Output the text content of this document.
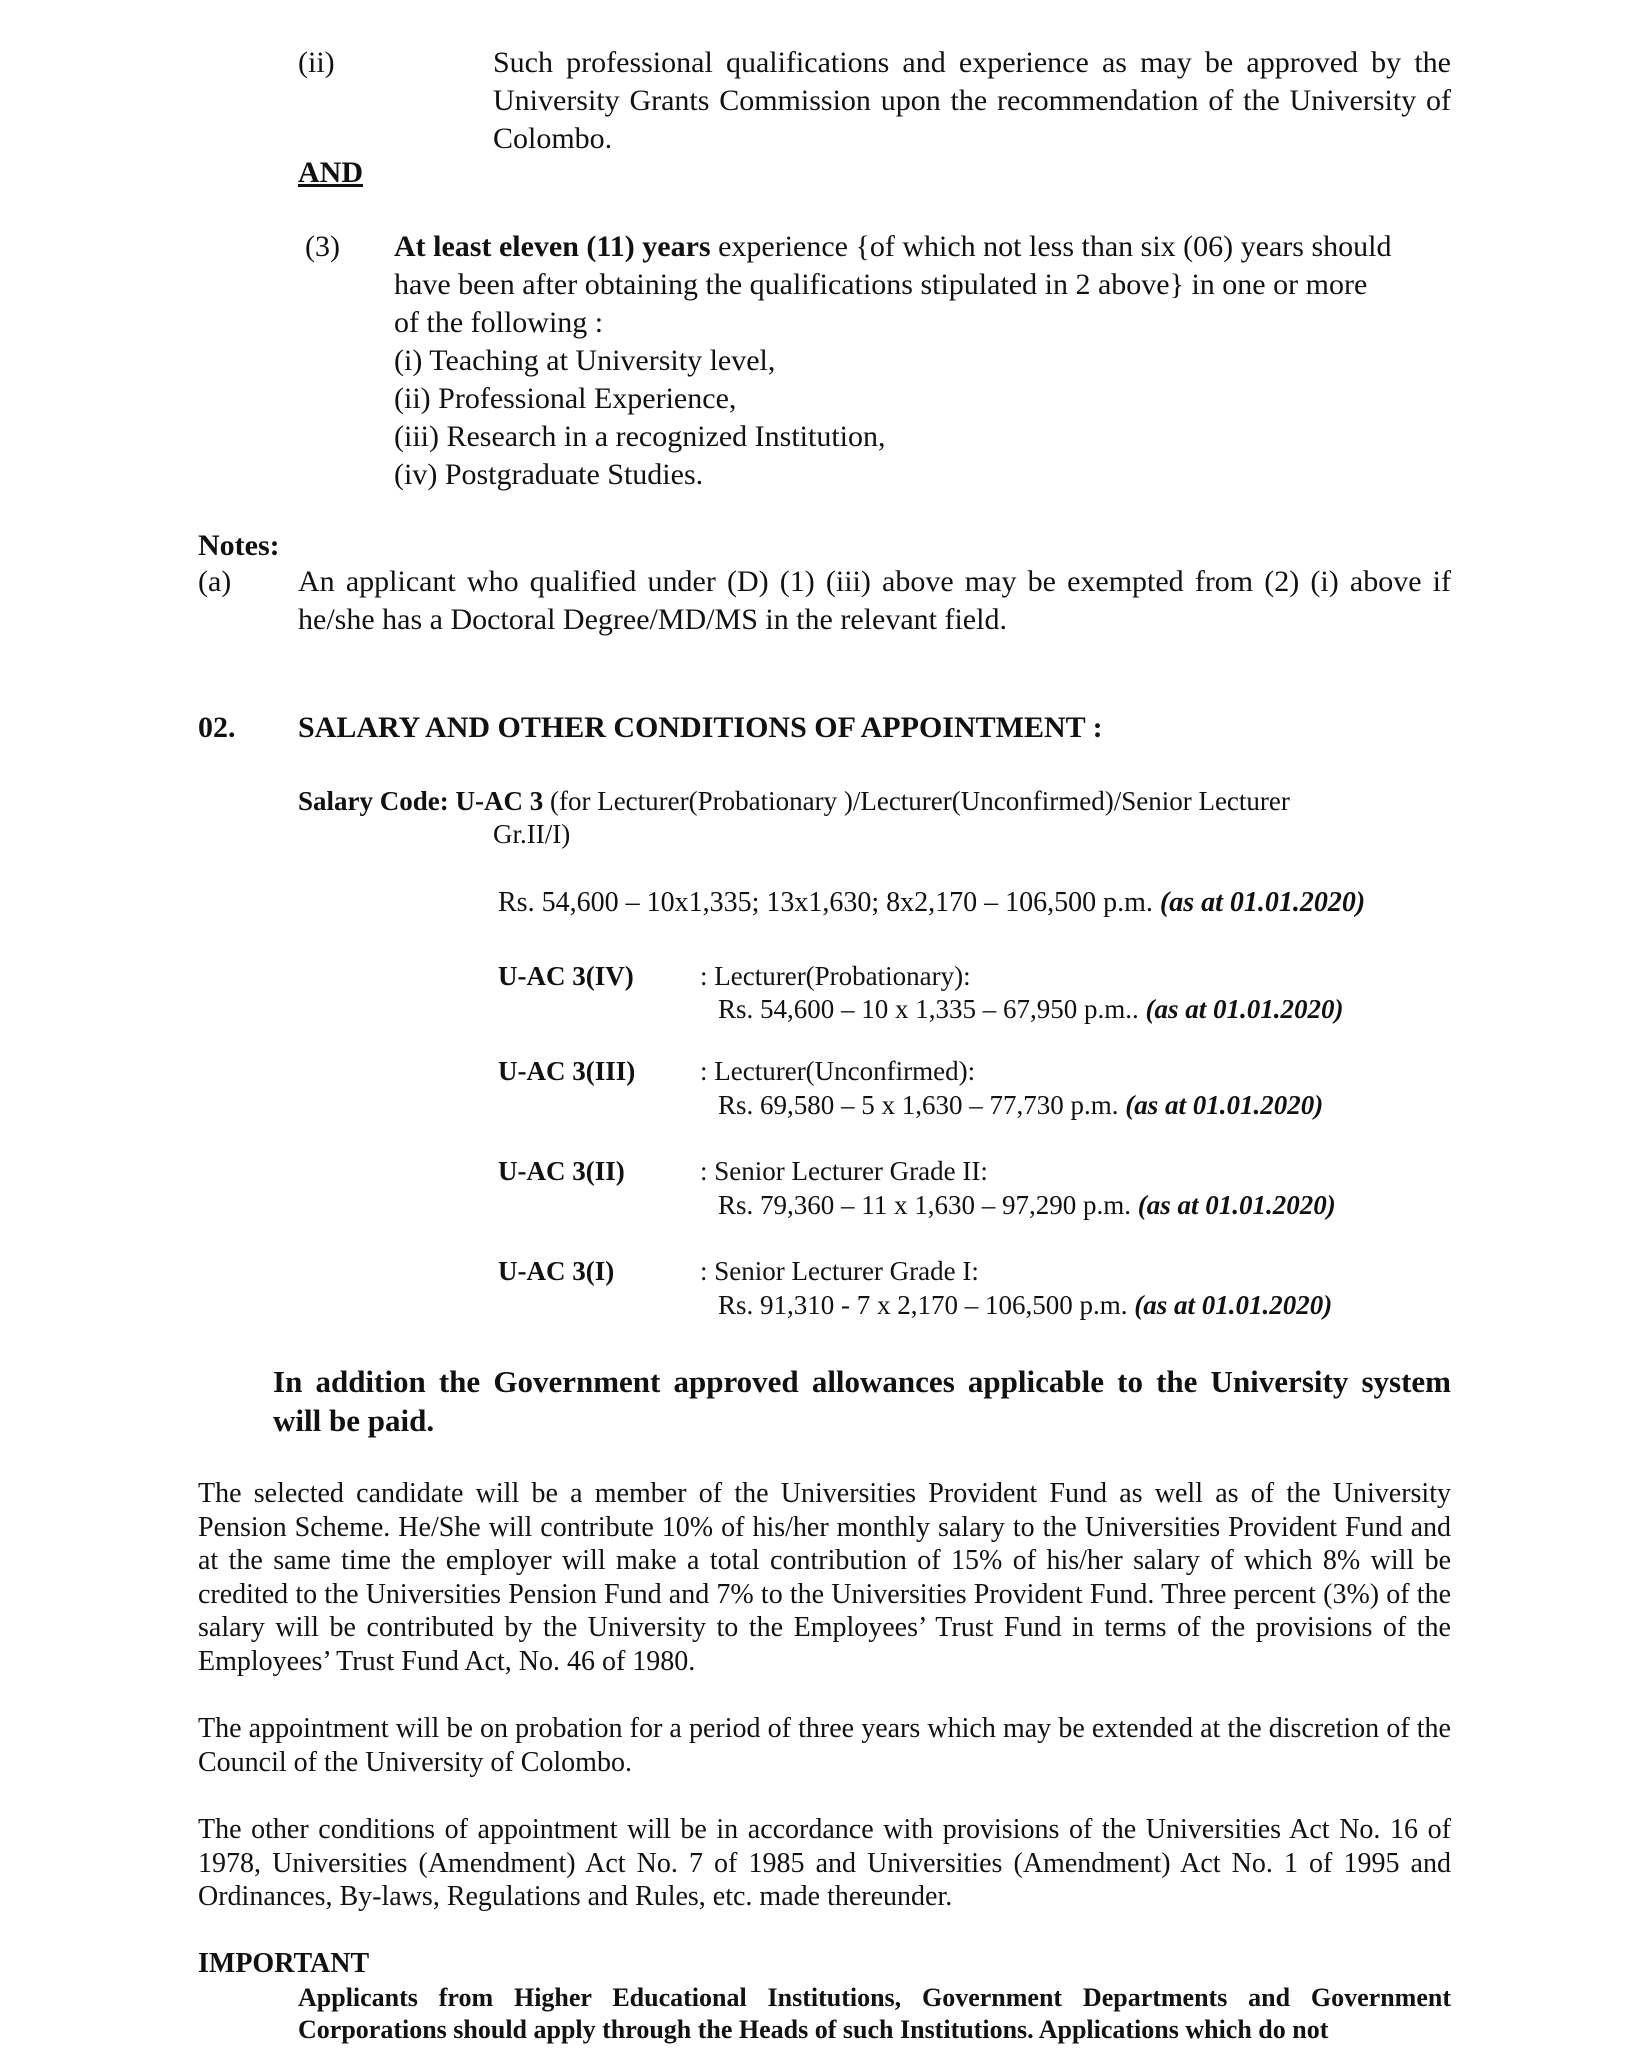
(ii)	Such professional qualifications and experience as may be approved by the University Grants Commission upon the recommendation of the University of Colombo.
AND
(3) At least eleven (11) years experience {of which not less than six (06) years should have been after obtaining the qualifications stipulated in 2 above} in one or more of the following :
(i) Teaching at University level,
(ii) Professional Experience,
(iii) Research in a recognized Institution,
(iv) Postgraduate Studies.
Notes:
(a) An applicant who qualified under (D) (1) (iii) above may be exempted from (2) (i) above if he/she has a Doctoral Degree/MD/MS in the relevant field.
02. SALARY AND OTHER CONDITIONS OF APPOINTMENT :
Salary Code: U-AC 3 (for Lecturer(Probationary )/Lecturer(Unconfirmed)/Senior Lecturer
Gr.II/I)
Rs. 54,600 – 10x1,335; 13x1,630; 8x2,170 – 106,500 p.m. (as at 01.01.2020)
U-AC 3(IV) : Lecturer(Probationary):
Rs. 54,600 – 10 x 1,335 – 67,950 p.m.. (as at 01.01.2020)
U-AC 3(III) : Lecturer(Unconfirmed):
Rs. 69,580 – 5 x 1,630 – 77,730 p.m. (as at 01.01.2020)
U-AC 3(II)	: Senior Lecturer Grade II:
Rs. 79,360 – 11 x 1,630 – 97,290 p.m. (as at 01.01.2020)
U-AC 3(I)	: Senior Lecturer Grade I:
Rs. 91,310 - 7 x 2,170 – 106,500 p.m. (as at 01.01.2020)
In addition the Government approved allowances applicable to the University system will be paid.
The selected candidate will be a member of the Universities Provident Fund as well as of the University Pension Scheme. He/She will contribute 10% of his/her monthly salary to the Universities Provident Fund and at the same time the employer will make a total contribution of 15% of his/her salary of which 8% will be credited to the Universities Pension Fund and 7% to the Universities Provident Fund. Three percent (3%) of the salary will be contributed by the University to the Employees’ Trust Fund in terms of the provisions of the Employees’ Trust Fund Act, No. 46 of 1980.
The appointment will be on probation for a period of three years which may be extended at the discretion of the Council of the University of Colombo.
The other conditions of appointment will be in accordance with provisions of the Universities Act No. 16 of 1978, Universities (Amendment) Act No. 7 of 1985 and Universities (Amendment) Act No. 1 of 1995 and Ordinances, By-laws, Regulations and Rules, etc. made thereunder.
IMPORTANT
Applicants from Higher Educational Institutions, Government Departments and Government Corporations should apply through the Heads of such Institutions. Applications which do not
